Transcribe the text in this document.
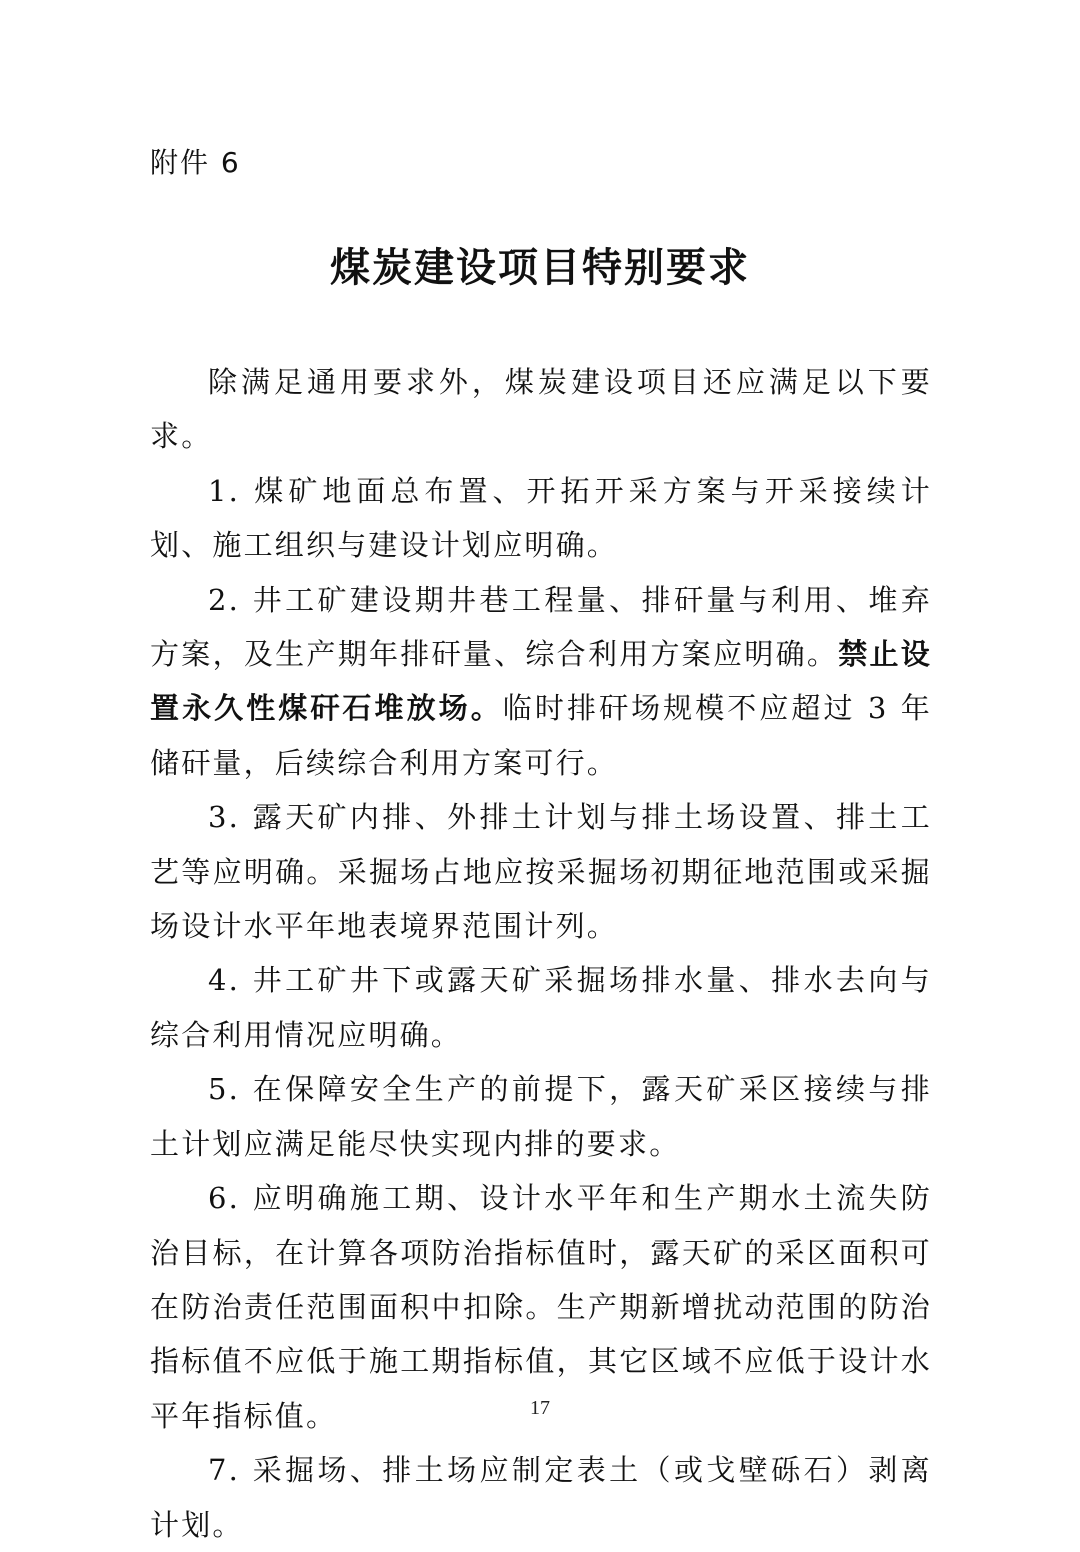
附件 6
煤炭建设项目特别要求

除满足通用要求外，煤炭建设项目还应满足以下要求。

1. 煤矿地面总布置、开拓开采方案与开采接续计划、施工组织与建设计划应明确。

2. 井工矿建设期井巷工程量、排矸量与利用、堆弃方案，及生产期年排矸量、综合利用方案应明确。禁止设置永久性煤矸石堆放场。临时排矸场规模不应超过 3 年储矸量，后续综合利用方案可行。

3. 露天矿内排、外排土计划与排土场设置、排土工艺等应明确。采掘场占地应按采掘场初期征地范围或采掘场设计水平年地表境界范围计列。

4. 井工矿井下或露天矿采掘场排水量、排水去向与综合利用情况应明确。

5. 在保障安全生产的前提下，露天矿采区接续与排土计划应满足能尽快实现内排的要求。

6. 应明确施工期、设计水平年和生产期水土流失防治目标，在计算各项防治指标值时，露天矿的采区面积可在防治责任范围面积中扣除。生产期新增扰动范围的防治指标值不应低于施工期指标值，其它区域不应低于设计水平年指标值。

7. 采掘场、排土场应制定表土（或戈壁砾石）剥离计划。

17
